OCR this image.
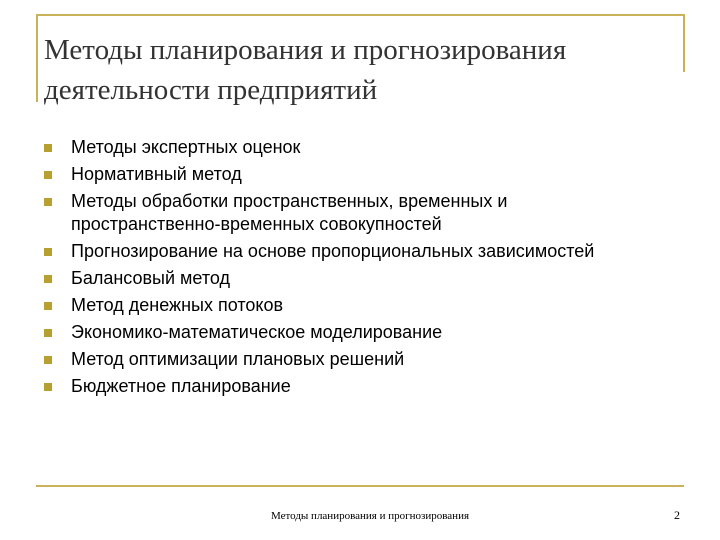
Методы планирования и прогнозирования
деятельности предприятий
Методы экспертных оценок
Нормативный метод
Методы обработки пространственных, временных и пространственно-временных совокупностей
Прогнозирование на основе пропорциональных зависимостей
Балансовый метод
Метод денежных потоков
Экономико-математическое моделирование
Метод оптимизации плановых решений
Бюджетное планирование
Методы планирования и прогнозирования	2
